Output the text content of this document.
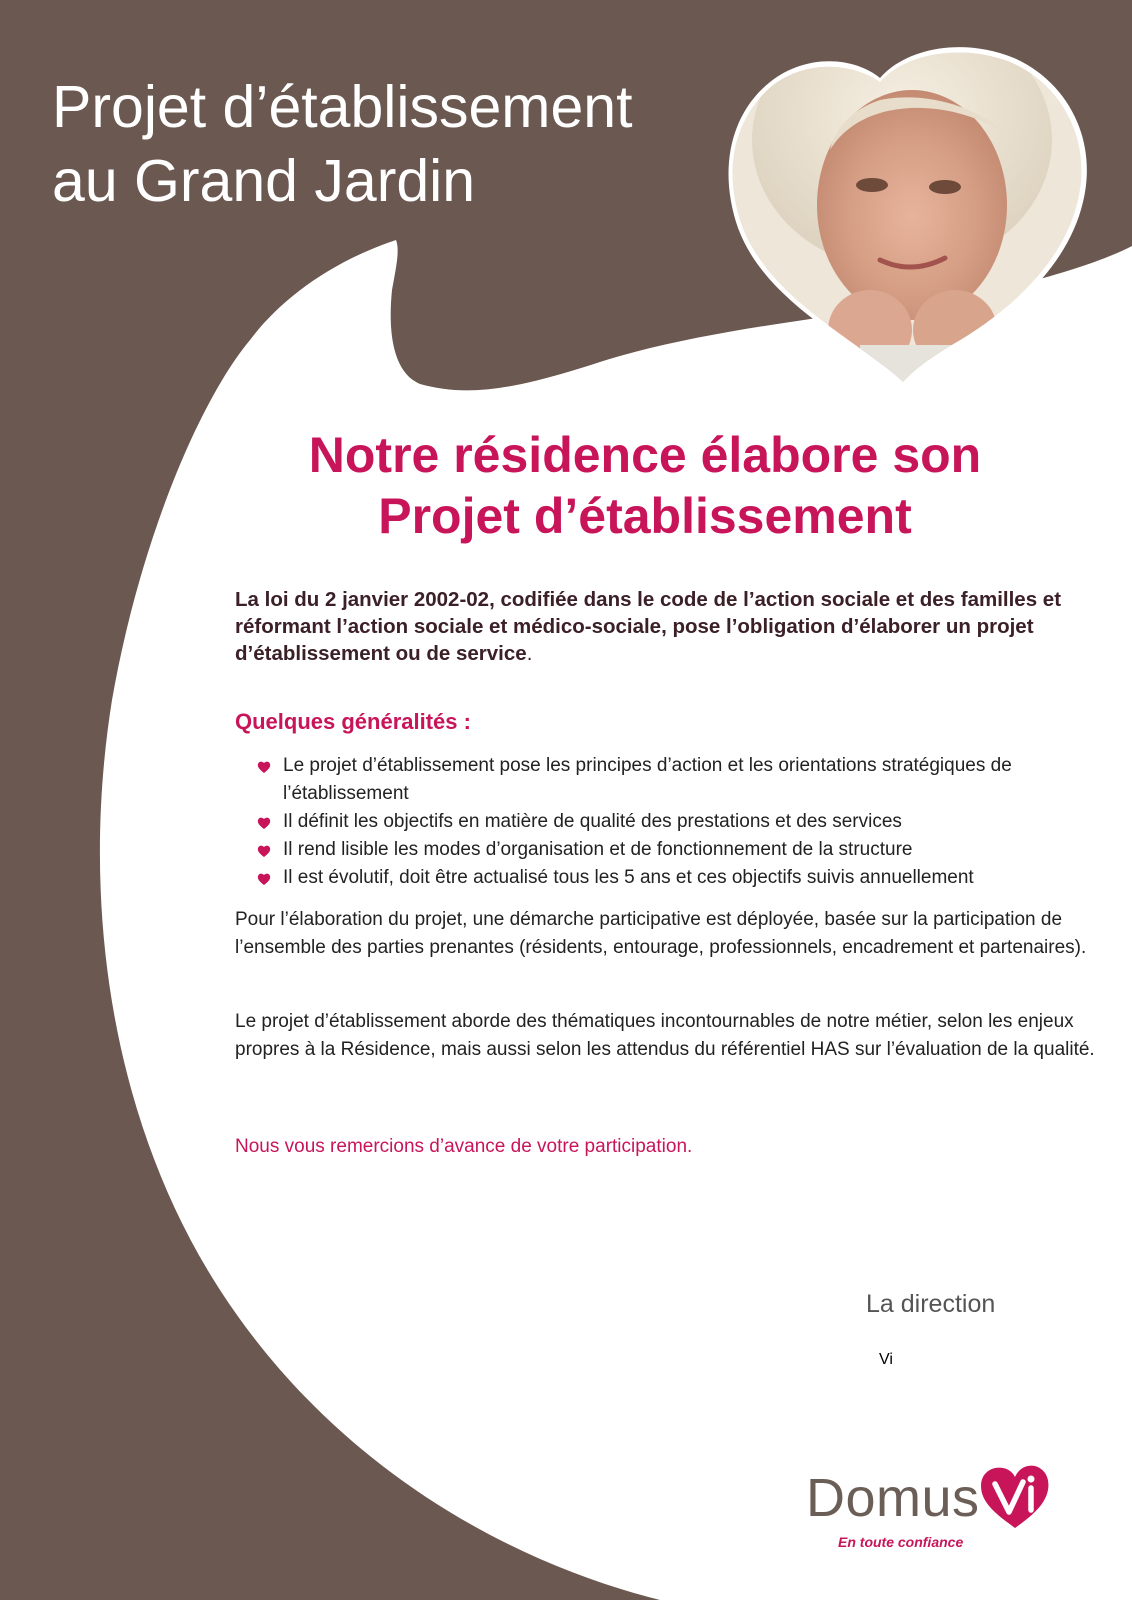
Projet d’établissement
au Grand Jardin
Notre résidence élabore son
Projet d’établissement
La loi du 2 janvier 2002-02, codifiée dans le code de l’action sociale et des familles et réformant l’action sociale et médico-sociale, pose l’obligation d’élaborer un projet d’établissement ou de service.
Quelques généralités :
Le projet d’établissement pose les principes d’action et les orientations stratégiques de l’établissement
Il définit les objectifs en matière de qualité des prestations et des services
Il rend lisible les modes d’organisation et de fonctionnement de la structure
Il est évolutif, doit être actualisé tous les 5 ans et ces objectifs suivis annuellement
Pour l’élaboration du projet, une démarche participative est déployée, basée sur la participation de l’ensemble des parties prenantes (résidents, entourage, professionnels, encadrement et partenaires).
Le projet d’établissement aborde des thématiques incontournables de notre métier, selon les enjeux propres à la Résidence, mais aussi selon les attendus du référentiel HAS sur l’évaluation de la qualité.
Nous vous remercions d’avance de votre participation.
La direction
Domus
Vi
En toute confiance
